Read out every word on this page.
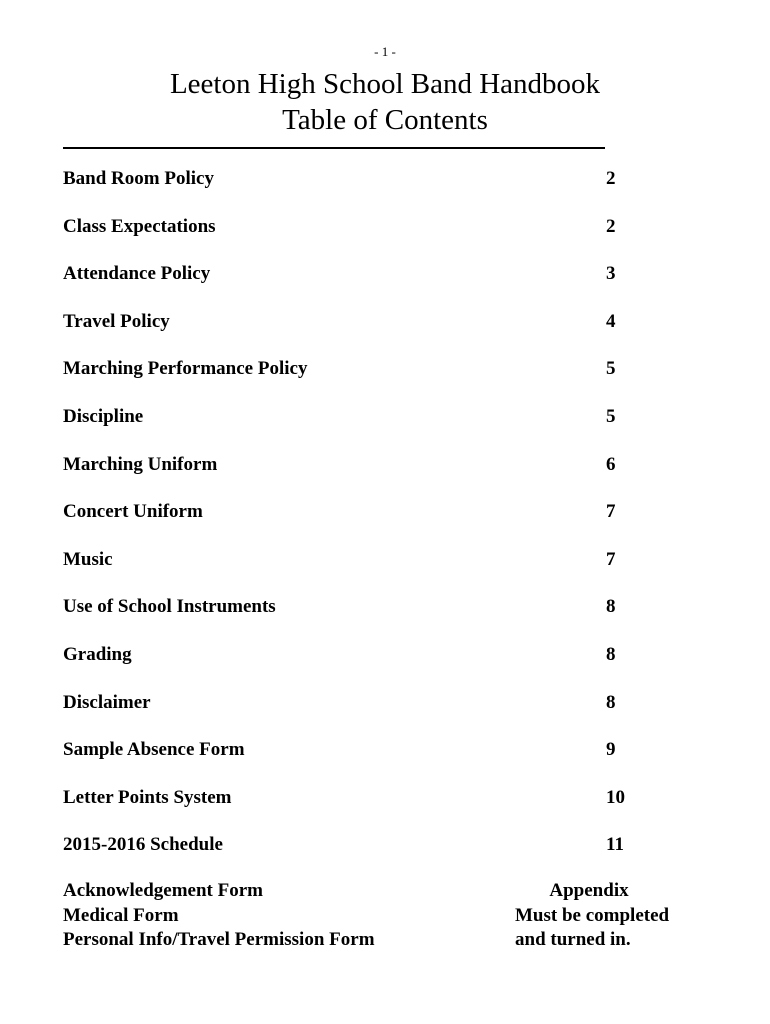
- 1 -
Leeton High School Band Handbook
Table of Contents
Band Room Policy	2
Class Expectations	2
Attendance Policy	3
Travel Policy	4
Marching Performance Policy	5
Discipline	5
Marching Uniform	6
Concert Uniform	7
Music	7
Use of School Instruments	8
Grading	8
Disclaimer	8
Sample Absence Form	9
Letter Points System	10
2015-2016 Schedule	11
Acknowledgement Form
Medical Form
Personal Info/Travel Permission Form
Appendix
Must be completed
and turned in.
